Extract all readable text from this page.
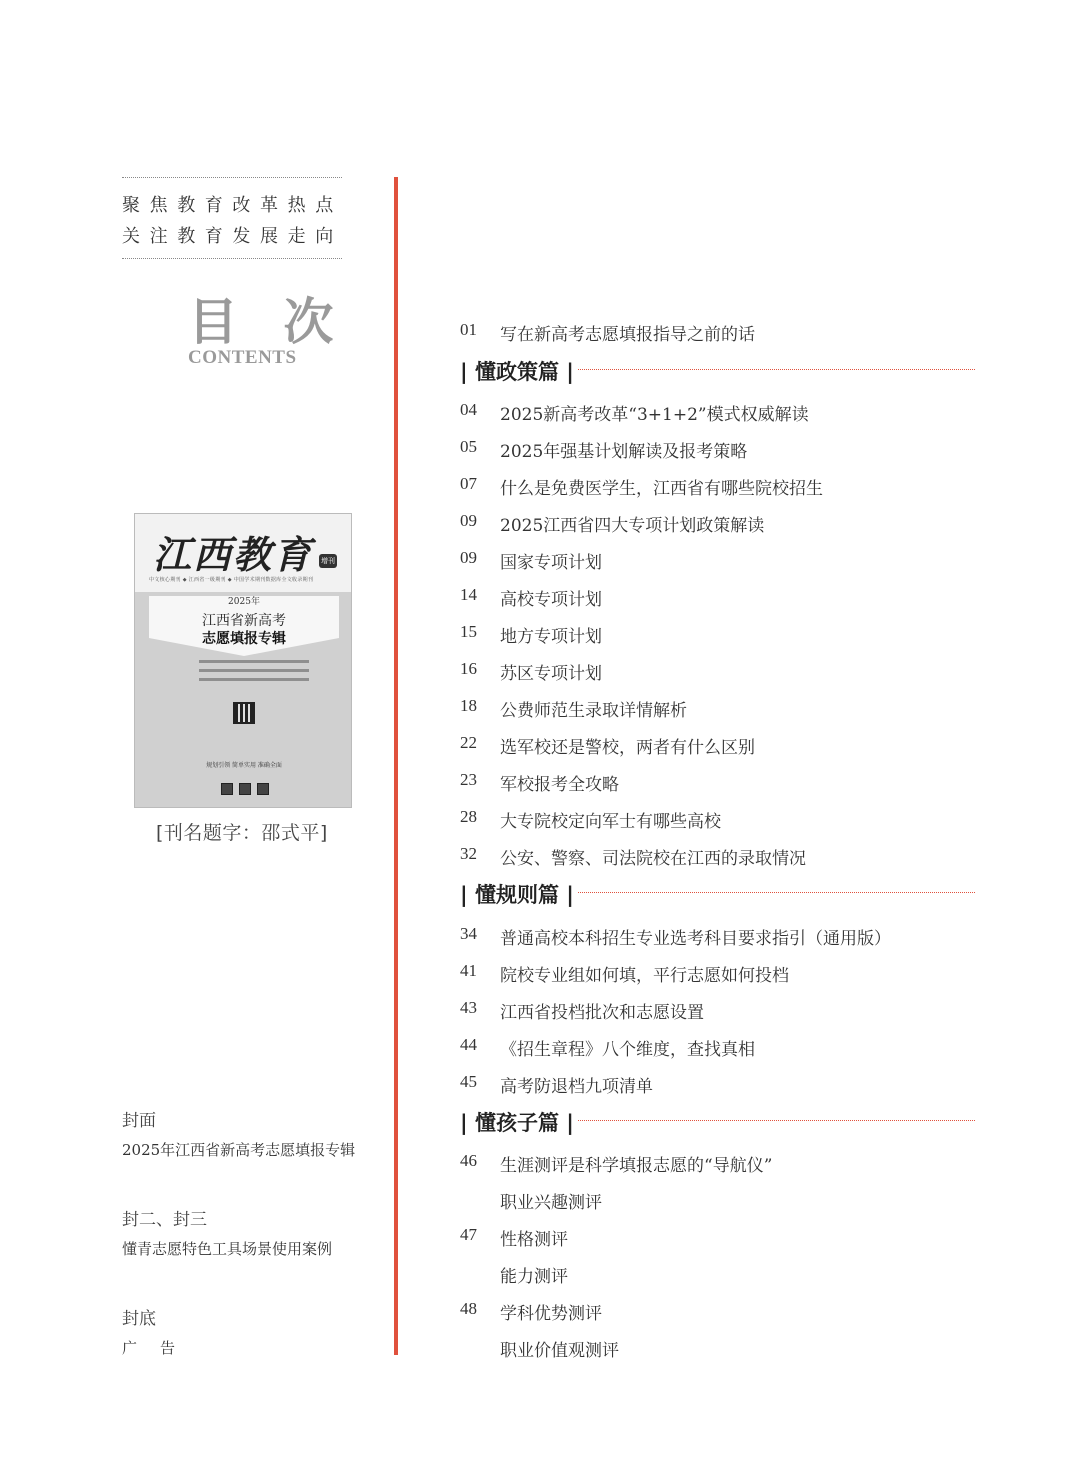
聚焦教育改革热点
关注教育发展走向
目 次
CONTENTS
江西教育 增刊
中文核心期刊 ◆ 江西省一级期刊 ◆ 中国学术期刊数据库全文收录期刊
2025年
江西省新高考
志愿填报专辑
规划引领 简单实用 准确全面
[刊名题字：邵式平]
封面
2025年江西省新高考志愿填报专辑
封二、封三
懂青志愿特色工具场景使用案例
封底
广　告
01	写在新高考志愿填报指导之前的话
| 懂政策篇 |
04	2025新高考改革“3+1+2”模式权威解读
05	2025年强基计划解读及报考策略
07	什么是免费医学生，江西省有哪些院校招生
09	2025江西省四大专项计划政策解读
09	国家专项计划
14	高校专项计划
15	地方专项计划
16	苏区专项计划
18	公费师范生录取详情解析
22	选军校还是警校，两者有什么区别
23	军校报考全攻略
28	大专院校定向军士有哪些高校
32	公安、警察、司法院校在江西的录取情况
| 懂规则篇 |
34	普通高校本科招生专业选考科目要求指引（通用版）
41	院校专业组如何填，平行志愿如何投档
43	江西省投档批次和志愿设置
44	《招生章程》八个维度，查找真相
45	高考防退档九项清单
| 懂孩子篇 |
46	生涯测评是科学填报志愿的“导航仪”
职业兴趣测评
47	性格测评
能力测评
48	学科优势测评
职业价值观测评
